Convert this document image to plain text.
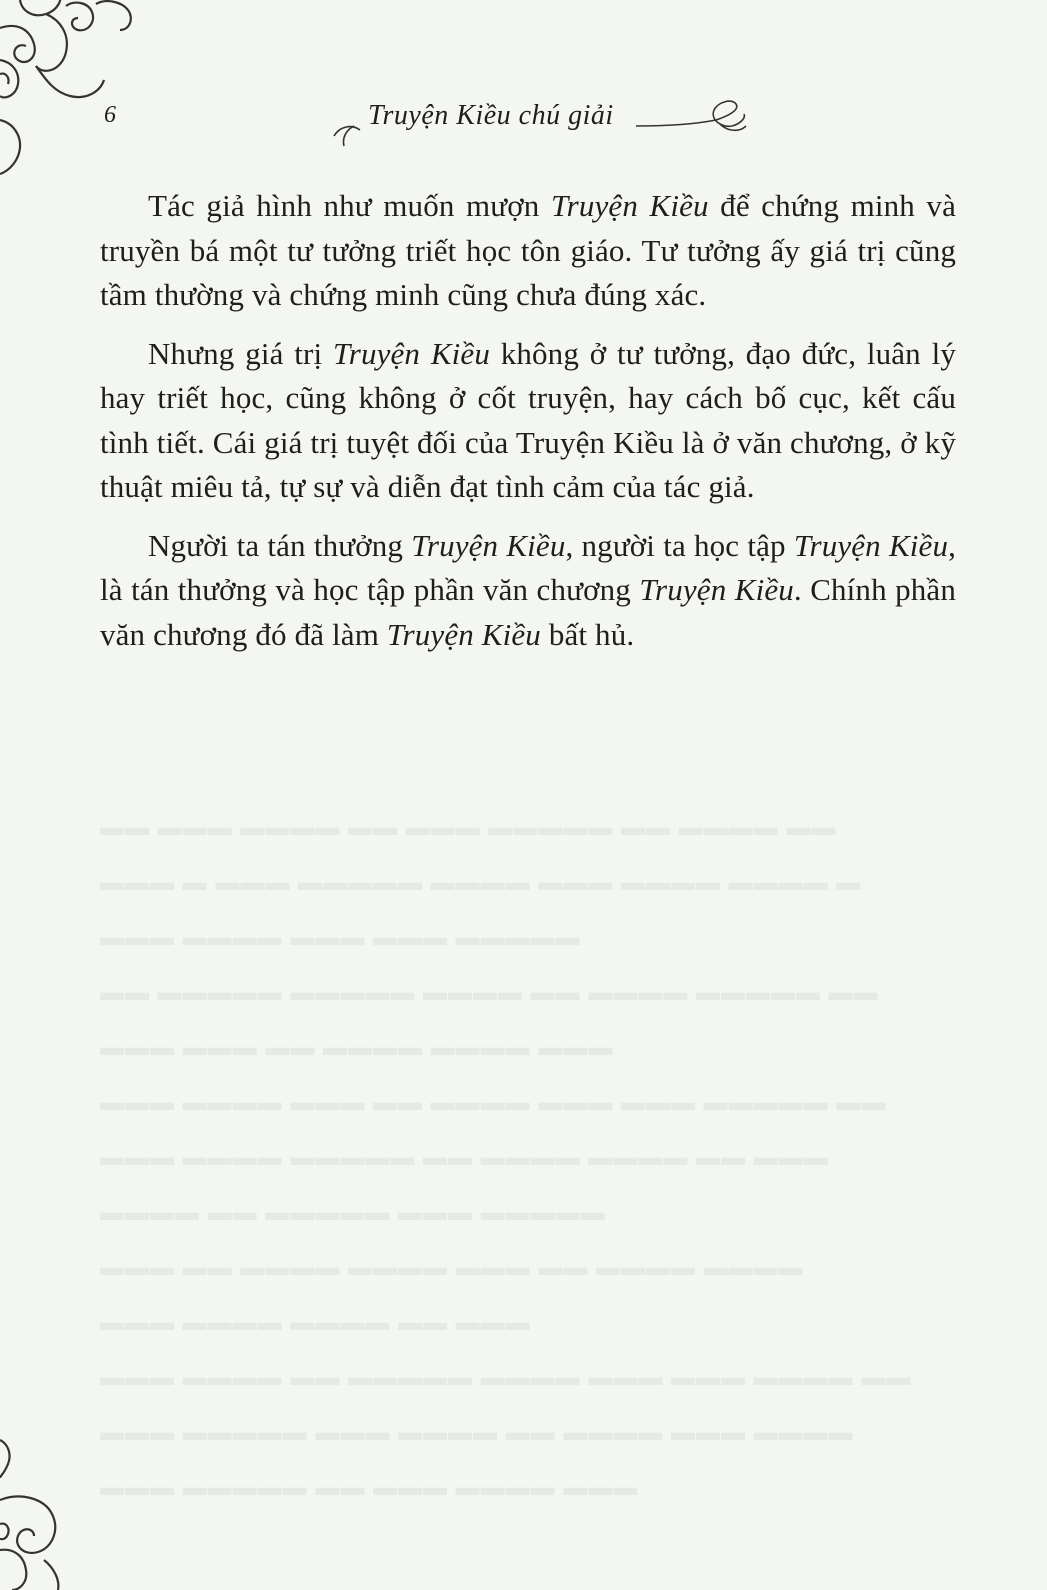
6	Truyện Kiều chú giải
▬▬ ▬▬▬ ▬▬▬▬ ▬▬ ▬▬▬ ▬▬▬▬▬ ▬▬ ▬▬▬▬ ▬▬
▬▬▬ ▬ ▬▬▬ ▬▬▬▬▬ ▬▬▬▬ ▬▬▬ ▬▬▬▬ ▬▬▬▬ ▬
▬▬▬ ▬▬▬▬ ▬▬▬ ▬▬▬ ▬▬▬▬▬
▬▬ ▬▬▬▬▬ ▬▬▬▬▬ ▬▬▬▬ ▬▬ ▬▬▬▬ ▬▬▬▬▬ ▬▬
▬▬▬ ▬▬▬ ▬▬ ▬▬▬▬ ▬▬▬▬ ▬▬▬
▬▬▬ ▬▬▬▬ ▬▬▬ ▬▬ ▬▬▬▬ ▬▬▬ ▬▬▬ ▬▬▬▬▬ ▬▬
▬▬▬ ▬▬▬▬ ▬▬▬▬▬ ▬▬ ▬▬▬▬ ▬▬▬▬ ▬▬ ▬▬▬
▬▬▬▬ ▬▬ ▬▬▬▬▬ ▬▬▬ ▬▬▬▬▬
▬▬▬ ▬▬ ▬▬▬▬ ▬▬▬▬ ▬▬▬ ▬▬ ▬▬▬▬ ▬▬▬▬
▬▬▬ ▬▬▬▬ ▬▬▬▬ ▬▬ ▬▬▬
▬▬▬ ▬▬▬▬ ▬▬ ▬▬▬▬▬ ▬▬▬▬ ▬▬▬ ▬▬▬ ▬▬▬▬ ▬▬
▬▬▬ ▬▬▬▬▬ ▬▬▬ ▬▬▬▬ ▬▬ ▬▬▬▬ ▬▬▬ ▬▬▬▬
▬▬▬ ▬▬▬▬▬ ▬▬ ▬▬▬ ▬▬▬▬ ▬▬▬

Tác giả hình như muốn mượn Truyện Kiều để chứng minh và truyền bá một tư tưởng triết học tôn giáo. Tư tưởng ấy giá trị cũng tầm thường và chứng minh cũng chưa đúng xác.

Nhưng giá trị Truyện Kiều không ở tư tưởng, đạo đức, luân lý hay triết học, cũng không ở cốt truyện, hay cách bố cục, kết cấu tình tiết. Cái giá trị tuyệt đối của Truyện Kiều là ở văn chương, ở kỹ thuật miêu tả, tự sự và diễn đạt tình cảm của tác giả.

Người ta tán thưởng Truyện Kiều, người ta học tập Truyện Kiều, là tán thưởng và học tập phần văn chương Truyện Kiều. Chính phần văn chương đó đã làm Truyện Kiều bất hủ.
